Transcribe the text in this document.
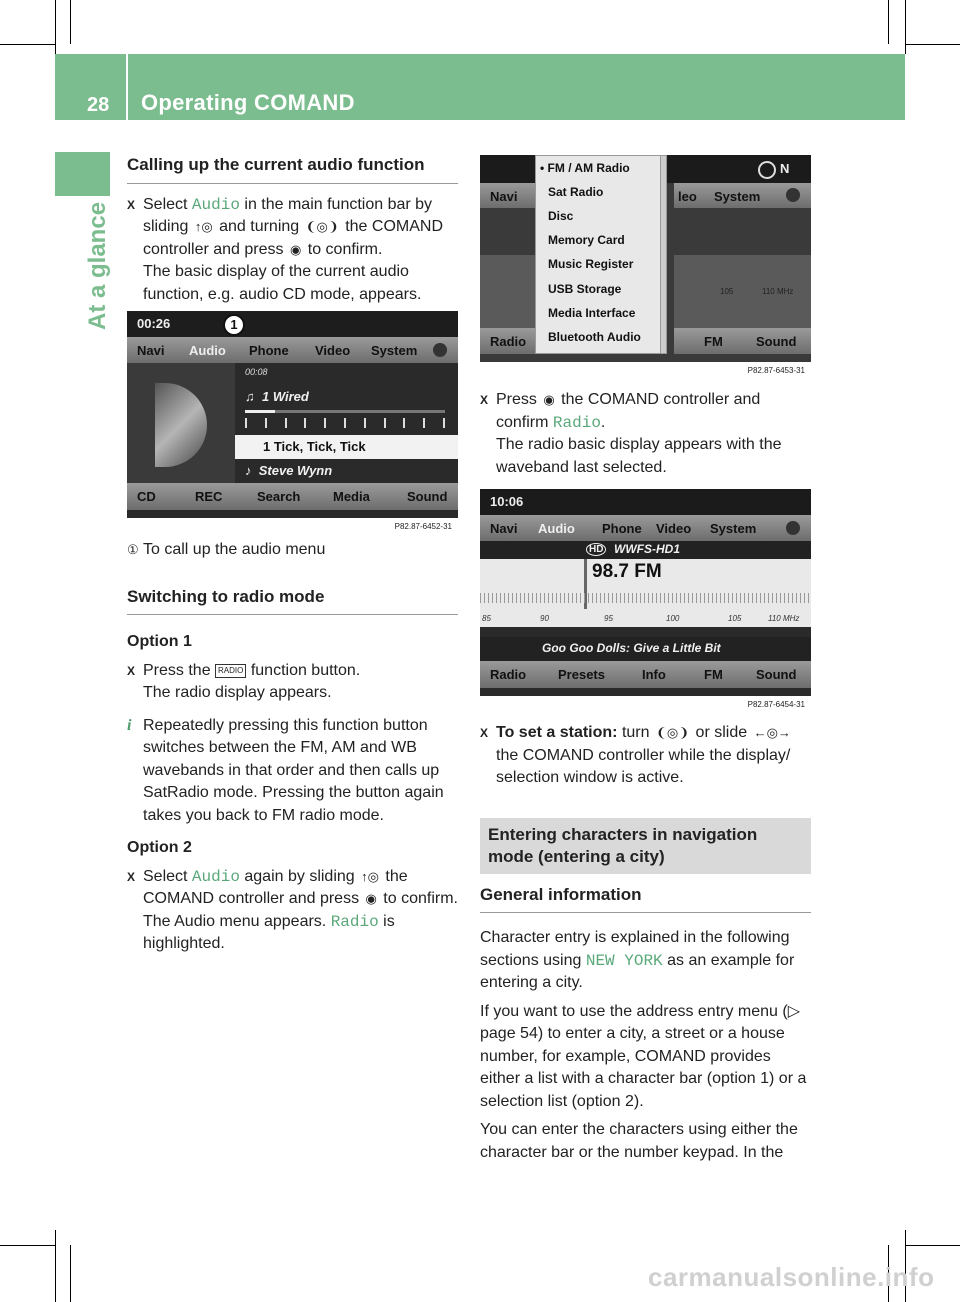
28 Operating COMAND
At a glance
Calling up the current audio function
X Select Audio in the main function bar by sliding ↑◎ and turning ❨◎❩ the COMAND controller and press ◉ to confirm.
The basic display of the current audio function, e.g. audio CD mode, appears.
00:26	1
Navi Audio Phone Video System
00:08
♫  1 Wired
1 Tick, Tick, Tick
♪  Steve Wynn
CD	REC	Search	Media	Sound
P82.87-6452-31
① To call up the audio menu
Switching to radio mode
Option 1
X Press the RADIO function button.
The radio display appears.
i Repeatedly pressing this function button switches between the FM, AM and WB wavebands in that order and then calls up SatRadio mode. Pressing the button again takes you back to FM radio mode.
Option 2
X Select Audio again by sliding ↑◎ the COMAND controller and press ◉ to confirm.
The Audio menu appears. Radio is highlighted.
Navi	leo System
N
105	110 MHz
Radio	FM	Sound
• FM / AM Radio
Sat Radio
Disc
Memory Card
Music Register
USB Storage
Media Interface
Bluetooth Audio
P82.87-6453-31
X Press ◉ the COMAND controller and confirm Radio.
The radio basic display appears with the waveband last selected.
10:06
Navi Audio Phone Video System
HD WWFS-HD1
98.7 FM
85	90	95	100	105	110 MHz
Goo Goo Dolls: Give a Little Bit
Radio Presets	Info	FM	Sound
P82.87-6454-31
X To set a station: turn ❨◎❩ or slide ←◎→ the COMAND controller while the display/ selection window is active.
Entering characters in navigation mode (entering a city)
General information
Character entry is explained in the following sections using NEW YORK as an example for entering a city.
If you want to use the address entry menu (▷ page 54) to enter a city, a street or a house number, for example, COMAND provides either a list with a character bar (option 1) or a selection list (option 2).
You can enter the characters using either the character bar or the number keypad. In the
carmanualsonline.info
